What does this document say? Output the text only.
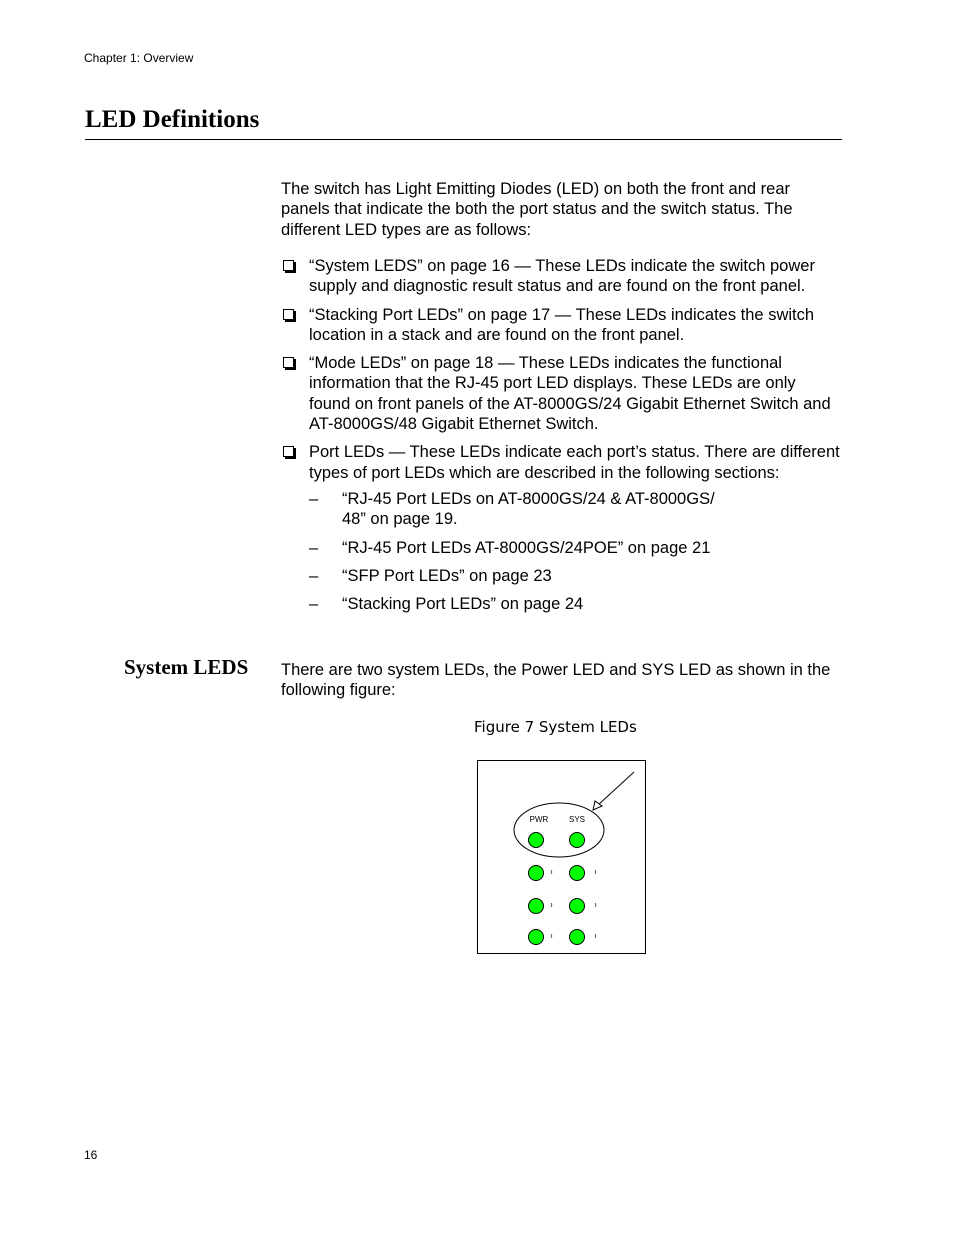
Chapter 1: Overview
LED Definitions

The switch has Light Emitting Diodes (LED) on both the front and rear panels that indicate the both the port status and the switch status. The different LED types are as follows:

“System LEDS” on page 16 — These LEDs indicate the switch power supply and diagnostic result status and are found on the front panel.
“Stacking Port LEDs” on page 17 — These LEDs indicates the switch location in a stack and are found on the front panel.
“Mode LEDs” on page 18 — These LEDs indicates the functional information that the RJ-45 port LED displays. These LEDs are only found on front panels of the AT-8000GS/24 Gigabit Ethernet Switch and AT-8000GS/48 Gigabit Ethernet Switch.
Port LEDs — These LEDs indicate each port’s status. There are different types of port LEDs which are described in the following sections:
– “RJ-45 Port LEDs on AT-8000GS/24 & AT-8000GS/ 48” on page 19.
– “RJ-45 Port LEDs AT-8000GS/24POE” on page 21
– “SFP Port LEDs” on page 23
– “Stacking Port LEDs” on page 24
System LEDS There are two system LEDs, the Power LED and SYS LED as shown in the following figure:

Figure 7 System LEDs
PWR	SYS
16
